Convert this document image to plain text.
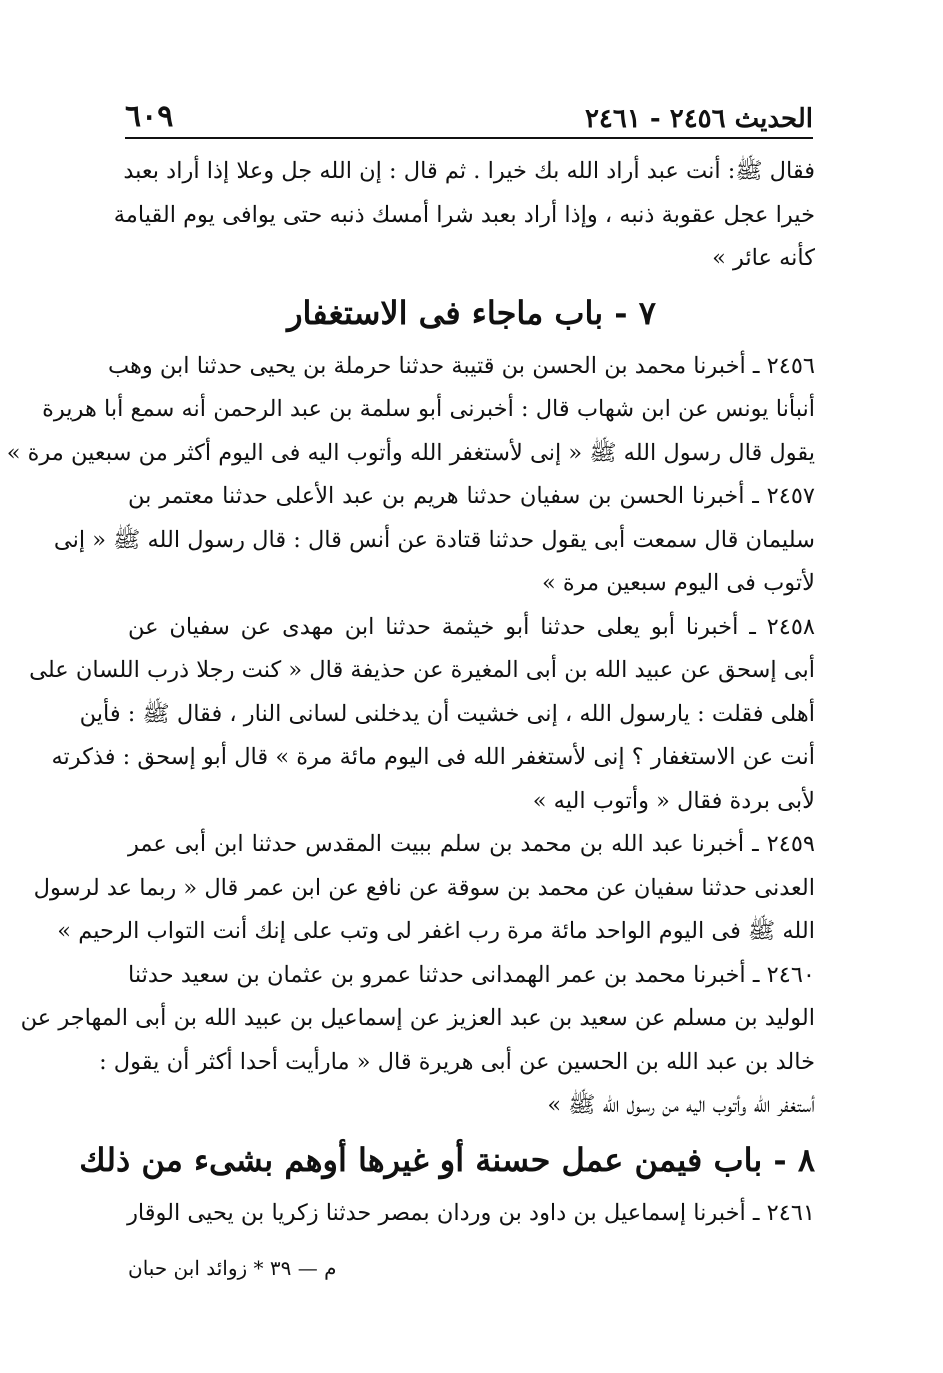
الحديث ٢٤٥٦ - ٢٤٦١
٦٠٩
فقال ﷺ: أنت عبد أراد الله بك خيرا . ثم قال : إن الله جل وعلا إذا أراد بعبد
خيرا عجل عقوبة ذنبه ، وإذا أراد بعبد شرا أمسك ذنبه حتى يوافى يوم القيامة
كأنه عائر »
٧ - باب ماجاء فى الاستغفار
٢٤٥٦ ـ أخبرنا محمد بن الحسن بن قتيبة حدثنا حرملة بن يحيى حدثنا ابن وهب
أنبأنا يونس عن ابن شهاب قال : أخبرنى أبو سلمة بن عبد الرحمن أنه سمع أبا هريرة
يقول قال رسول الله ﷺ « إنى لأستغفر الله وأتوب اليه فى اليوم أكثر من سبعين مرة »
٢٤٥٧ ـ أخبرنا الحسن بن سفيان حدثنا هريم بن عبد الأعلى حدثنا معتمر بن
سليمان قال سمعت أبى يقول حدثنا قتادة عن أنس قال : قال رسول الله ﷺ « إنى
لأتوب فى اليوم سبعين مرة »
٢٤٥٨ ـ أخبرنا أبو يعلى حدثنا أبو خيثمة حدثنا ابن مهدى عن سفيان عن
أبى إسحق عن عبيد الله بن أبى المغيرة عن حذيفة قال « كنت رجلا ذرب اللسان على
أهلى فقلت : يارسول الله ، إنى خشيت أن يدخلنى لسانى النار ، فقال ﷺ : فأين
أنت عن الاستغفار ؟ إنى لأستغفر الله فى اليوم مائة مرة » قال أبو إسحق : فذكرته
لأبى بردة فقال « وأتوب اليه »
٢٤٥٩ ـ أخبرنا عبد الله بن محمد بن سلم ببيت المقدس حدثنا ابن أبى عمر
العدنى حدثنا سفيان عن محمد بن سوقة عن نافع عن ابن عمر قال « ربما عد لرسول
الله ﷺ فى اليوم الواحد مائة مرة رب اغفر لى وتب على إنك أنت التواب الرحيم »
٢٤٦٠ ـ أخبرنا محمد بن عمر الهمدانى حدثنا عمرو بن عثمان بن سعيد حدثنا
الوليد بن مسلم عن سعيد بن عبد العزيز عن إسماعيل بن عبيد الله بن أبى المهاجر عن
خالد بن عبد الله بن الحسين عن أبى هريرة قال « مارأيت أحدا أكثر أن يقول :
أستغفر الله وأتوب اليه من رسول الله ﷺ »
٨ - باب فيمن عمل حسنة أو غيرها أوهم بشىء من ذلك
٢٤٦١ ـ أخبرنا إسماعيل بن داود بن وردان بمصر حدثنا زكريا بن يحيى الوقار
م — ٣٩ * زوائد ابن حبان
